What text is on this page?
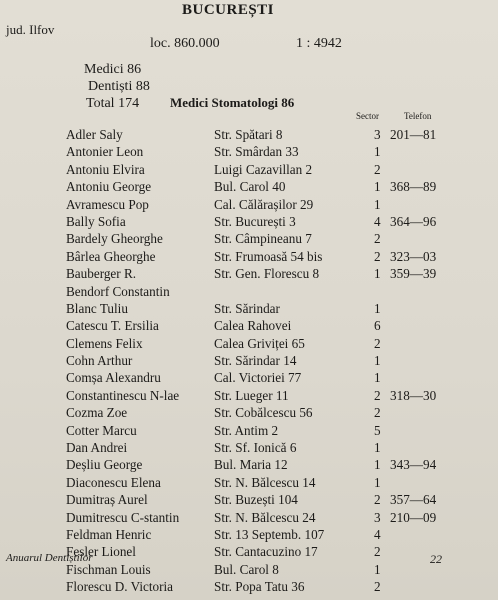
BUCUREȘTI
jud. Ilfov
loc. 860.000	1 : 4942
Medici 86
Dentiști 88
Total 174 Medici Stomatologi 86
Sector	Telefon
Adler Saly	Str. Spătari 8	3 201—81
Antonier Leon	Str. Smârdan 33	1
Antoniu Elvira	Luigi Cazavillan 2	2
Antoniu George	Bul. Carol 40	1 368—89
Avramescu Pop	Cal. Călărașilor 29	1
Bally Sofia	Str. București 3	4 364—96
Bardely Gheorghe	Str. Câmpineanu 7	2
Bârlea Gheorghe	Str. Frumoasă 54 bis	2 323—03
Bauberger R.	Str. Gen. Florescu 8	1 359—39
Bendorf Constantin
Blanc Tuliu	Str. Sărindar	1
Catescu T. Ersilia	Calea Rahovei	6
Clemens Felix	Calea Griviței 65	2
Cohn Arthur	Str. Sărindar 14	1
Comșa Alexandru	Cal. Victoriei 77	1
Constantinescu N-lae	Str. Lueger 11	2 318—30
Cozma Zoe	Str. Cobălcescu 56	2
Cotter Marcu	Str. Antim 2	5
Dan Andrei	Str. Sf. Ionică 6	1
Deșliu George	Bul. Maria 12	1 343—94
Diaconescu Elena	Str. N. Bălcescu 14	1
Dumitraș Aurel	Str. Buzești 104	2 357—64
Dumitrescu C-stantin	Str. N. Bălcescu 24	3 210—09
Feldman Henric	Str. 13 Septemb. 107	4
Fesler Lionel	Str. Cantacuzino 17	2
Fischman Louis	Bul. Carol 8	1
Florescu D. Victoria	Str. Popa Tatu 36	2
Anuarul Dentiștilor	22
